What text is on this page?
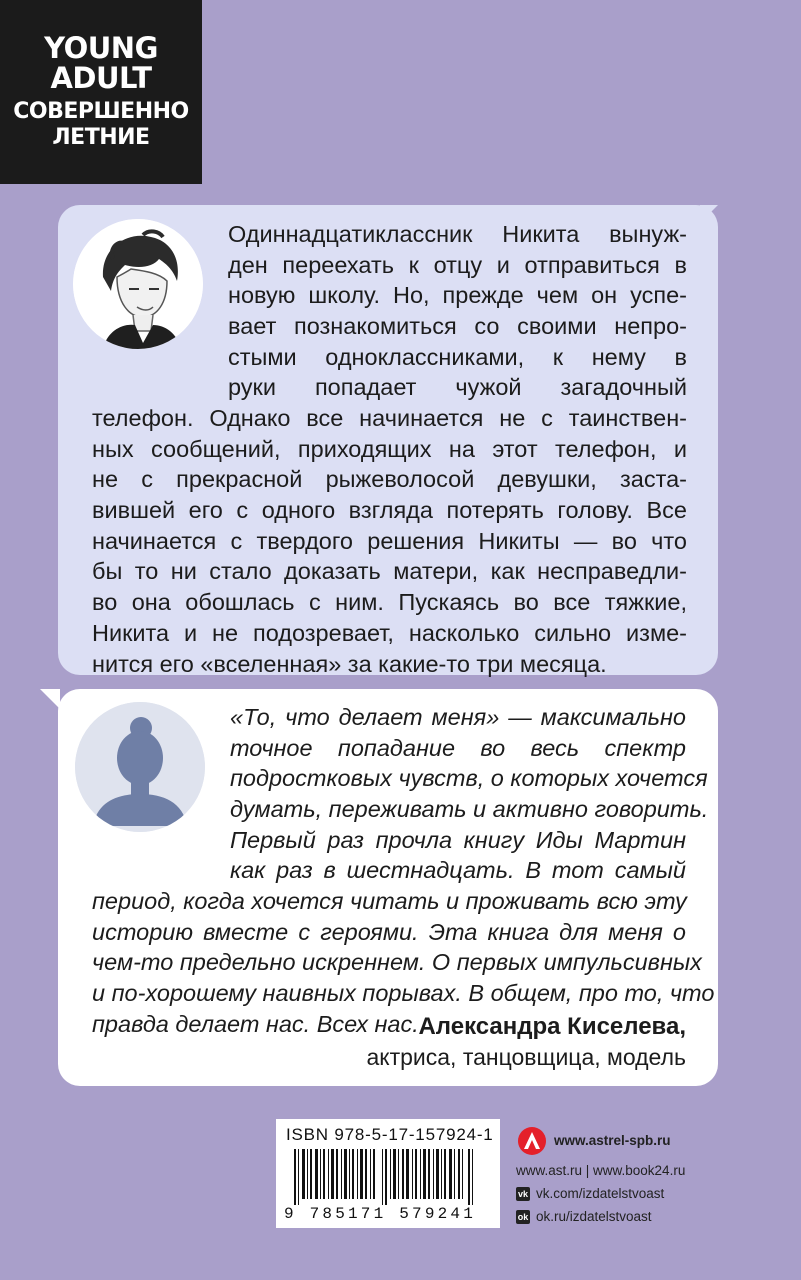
YOUNG
ADULT
СОВЕРШЕННО
ЛЕТНИЕ
Одиннадцатиклассник Никита вынуж-
ден переехать к отцу и отправиться в
новую школу. Но, прежде чем он успе-
вает познакомиться со своими непро-
стыми одноклассниками, к нему в
руки попадает чужой загадочный
телефон. Однако все начинается не с таинствен-
ных сообщений, приходящих на этот телефон, и
не с прекрасной рыжеволосой девушки, заста-
вившей его с одного взгляда потерять голову. Все
начинается с твердого решения Никиты — во что
бы то ни стало доказать матери, как несправедли-
во она обошлась с ним. Пускаясь во все тяжкие,
Никита и не подозревает, насколько сильно изме-
нится его «вселенная» за какие-то три месяца.
«То, что делает меня» — максимально
точное попадание во весь спектр
подростковых чувств, о которых хочется
думать, переживать и активно говорить.
Первый раз прочла книгу Иды Мартин
как раз в шестнадцать. В тот самый
период, когда хочется читать и проживать всю эту
историю вместе с героями. Эта книга для меня о
чем-то предельно искреннем. О первых импульсивных
и по-хорошему наивных порывах. В общем, про то, что
правда делает нас. Всех нас. Александра Киселева,
актриса, танцовщица, модель
ISBN 978-5-17-157924-1
9 785171 579241
www.astrel-spb.ru
www.ast.ru | www.book24.ru
vk vk.com/izdatelstvoast
ok ok.ru/izdatelstvoast
